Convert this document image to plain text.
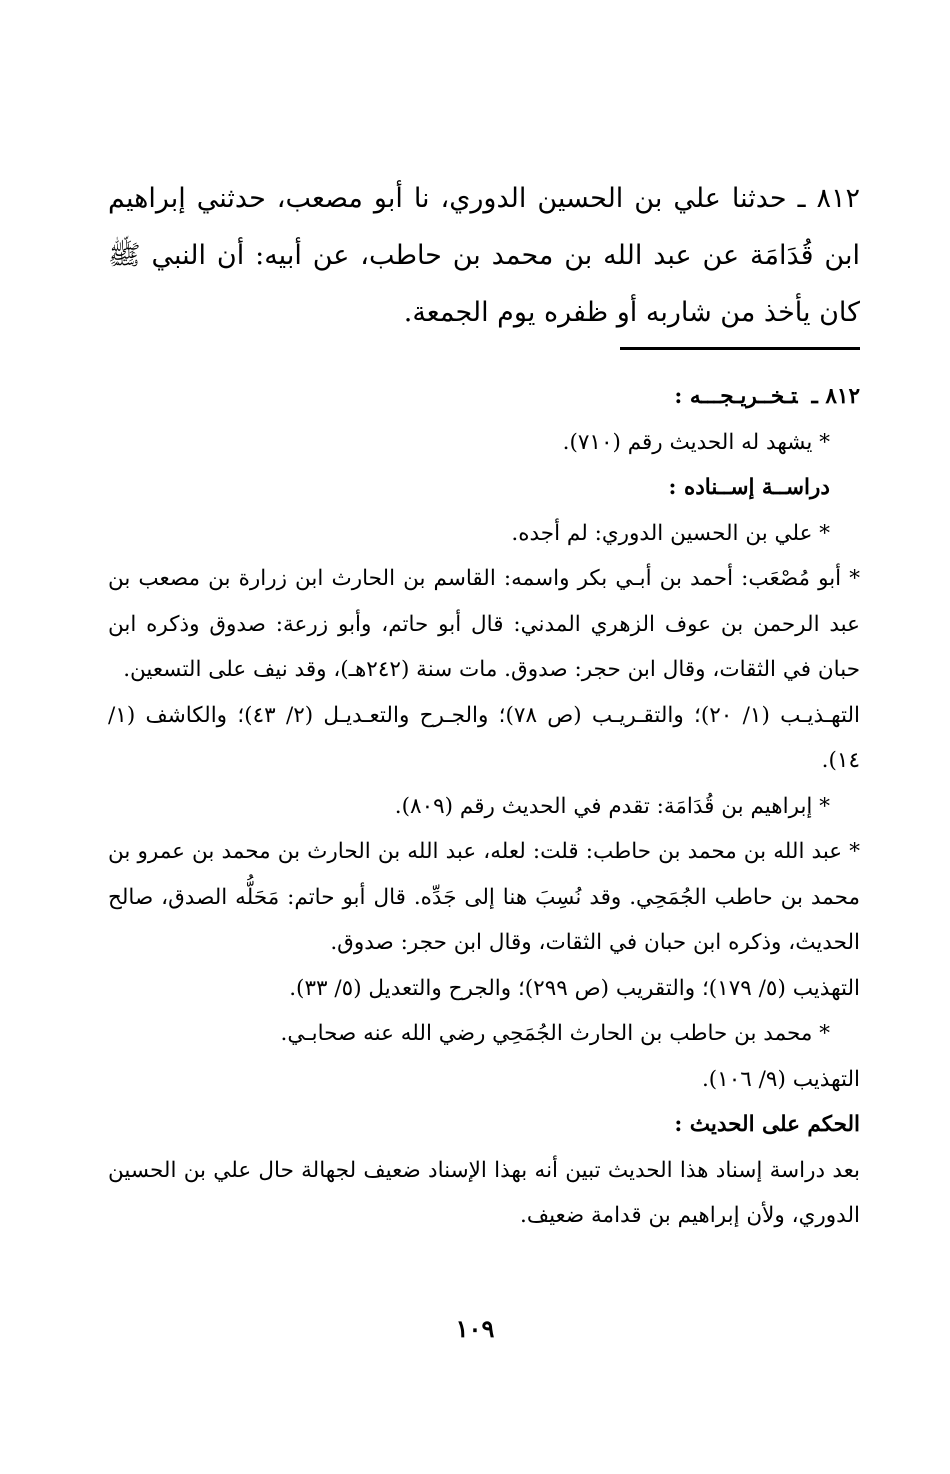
٨١٢ ـ حدثنا علي بن الحسين الدوري، نا أبو مصعب، حدثني إبراهيم ابن قُدَامَة عن عبد الله بن محمد بن حاطب، عن أبيه: أن النبي ﷺ كان يأخذ من شاربه أو ظفره يوم الجمعة.

٨١٢ ـتـخــريـجـــه :

* يشهد له الحديث رقم (٧١٠).

دراســة إســناده :

* علي بن الحسين الدوري: لم أجده.

* أبو مُصْعَب: أحمد بن أبـي بكر واسمه: القاسم بن الحارث ابن زرارة بن مصعب بن عبد الرحمن بن عوف الزهري المدني: قال أبو حاتم، وأبو زرعة: صدوق وذكره ابن حبان في الثقات، وقال ابن حجر: صدوق. مات سنة (٢٤٢هـ)، وقد نيف على التسعين.

التهـذيـب (١/ ٢٠)؛ والتقـريـب (ص ٧٨)؛ والجـرح والتعـديـل (٢/ ٤٣)؛ والكاشف (١/ ١٤).

* إبراهيم بن قُدَامَة: تقدم في الحديث رقم (٨٠٩).

* عبد الله بن محمد بن حاطب: قلت: لعله، عبد الله بن الحارث بن محمد بن عمرو بن محمد بن حاطب الجُمَحِي. وقد نُسِبَ هنا إلى جَدِّه. قال أبو حاتم: مَحَلُّه الصدق، صالح الحديث، وذكره ابن حبان في الثقات، وقال ابن حجر: صدوق.

التهذيب (٥/ ١٧٩)؛ والتقريب (ص ٢٩٩)؛ والجرح والتعديل (٥/ ٣٣).

* محمد بن حاطب بن الحارث الجُمَحِي رضي الله عنه صحابـي.

التهذيب (٩/ ١٠٦).

الحكم على الحديث :

بعد دراسة إسناد هذا الحديث تبين أنه بهذا الإسناد ضعيف لجهالة حال علي بن الحسين الدوري، ولأن إبراهيم بن قدامة ضعيف.

١٠٩
